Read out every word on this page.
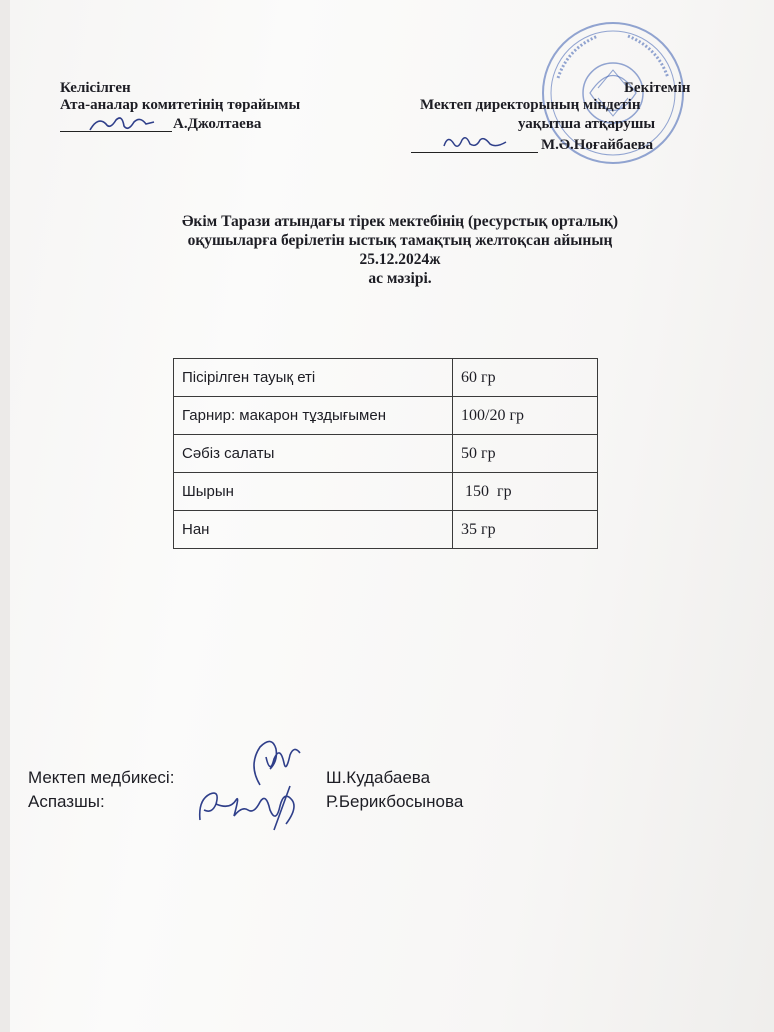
Келісілген
Ата-аналар комитетінің төрайымы
А.Джолтаева
Бекітемін
Мектеп директорының міндетін
уақытша атқарушы
М.Ә.Ноғайбаева
Әкім Тарази атындағы тірек мектебінің (ресурстық орталық)
оқушыларға берілетін ыстық тамақтың желтоқсан айының
25.12.2024ж
ас мәзірі.
Пісірілген тауық еті	60 гр
Гарнир: макарон тұздығымен	100/20 гр
Сәбіз салаты	50 гр
Шырын	150  гр
Нан	35 гр
Мектеп медбикесі:	Ш.Кудабаева
Аспазшы:	Р.Берикбосынова
